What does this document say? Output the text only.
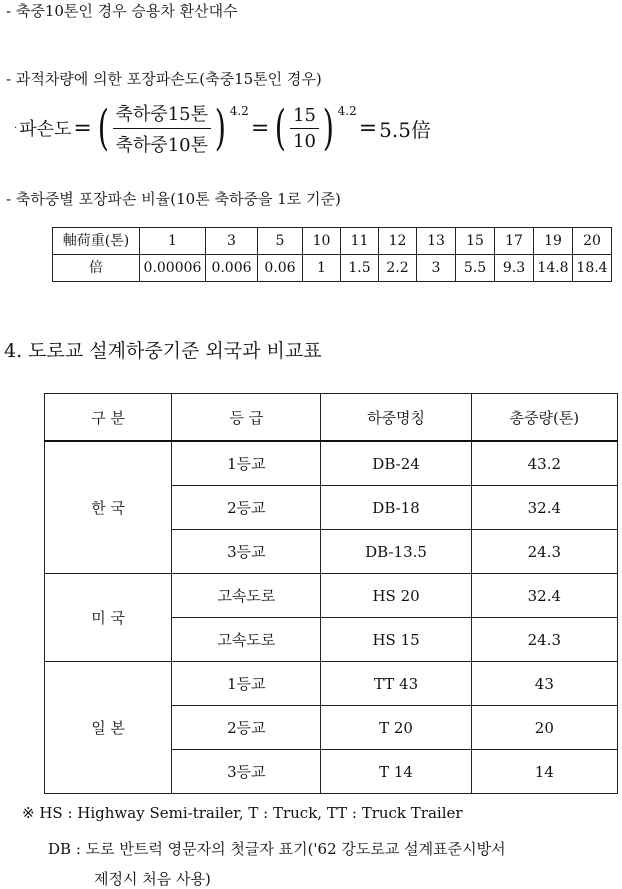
- 축중10톤인 경우 승용차 환산대수
- 과적차량에 의한 포장파손도(축중15톤인 경우)
· 파손도 = ( $\frac{\text{축하중15톤}}{\text{축하중10톤}}$ ) 4.2
= ( $\frac{15}{10}$ ) 4.2
= 5.5倍
- 축하중별 포장파손 비율(10톤 축하중을 1로 기준)
軸荷重(톤)	1	3	5	10	11	12	13	15	17	19	20
倍	0.00006	0.006	0.06	1	1.5	2.2	3	5.5	9.3	14.8	18.4
4. 도로교 설계하중기준 외국과 비교표
구 분	등 급	하중명칭	총중량(톤)
한 국	1등교	DB-24	43.2
	2등교	DB-18	32.4
	3등교	DB-13.5	24.3
미 국	고속도로	HS 20	32.4
	고속도로	HS 15	24.3
일 본	1등교	TT 43	43
	2등교	T 20	20
	3등교	T 14	14
※ HS : Highway Semi-trailer, T : Truck, TT : Truck Trailer
DB : 도로 반트럭 영문자의 첫글자 표기('62 강도로교 설계표준시방서
제정시 처음 사용)
